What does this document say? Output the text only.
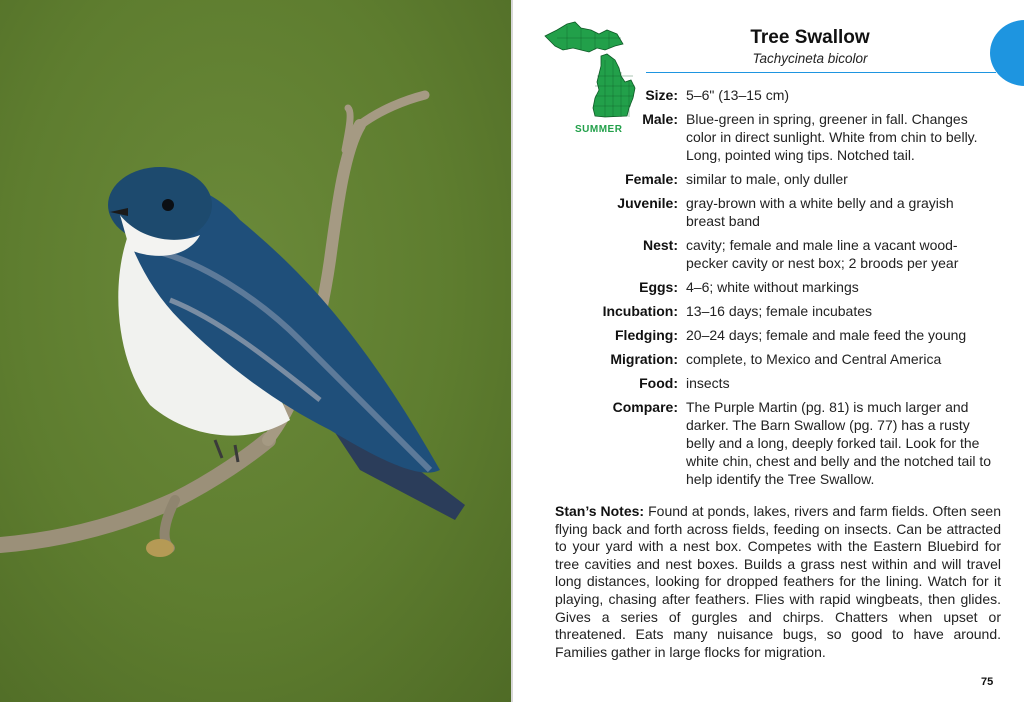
SUMMER
Tree Swallow
Tachycineta bicolor
Size: 5–6" (13–15 cm)
Male: Blue-green in spring, greener in fall. Changes color in direct sunlight. White from chin to belly. Long, pointed wing tips. Notched tail.
Female: similar to male, only duller
Juvenile: gray-brown with a white belly and a grayish breast band
Nest: cavity; female and male line a vacant wood-pecker cavity or nest box; 2 broods per year
Eggs: 4–6; white without markings
Incubation: 13–16 days; female incubates
Fledging: 20–24 days; female and male feed the young
Migration: complete, to Mexico and Central America
Food: insects
Compare: The Purple Martin (pg. 81) is much larger and darker. The Barn Swallow (pg. 77) has a rusty belly and a long, deeply forked tail. Look for the white chin, chest and belly and the notched tail to help identify the Tree Swallow.
Stan’s Notes: Found at ponds, lakes, rivers and farm fields. Often seen flying back and forth across fields, feeding on insects. Can be attracted to your yard with a nest box. Competes with the Eastern Bluebird for tree cavities and nest boxes. Builds a grass nest within and will travel long distances, looking for dropped feathers for the lining. Watch for it playing, chasing after feathers. Flies with rapid wingbeats, then glides. Gives a series of gurgles and chirps. Chatters when upset or threatened. Eats many nuisance bugs, so good to have around. Families gather in large flocks for migration.
75
